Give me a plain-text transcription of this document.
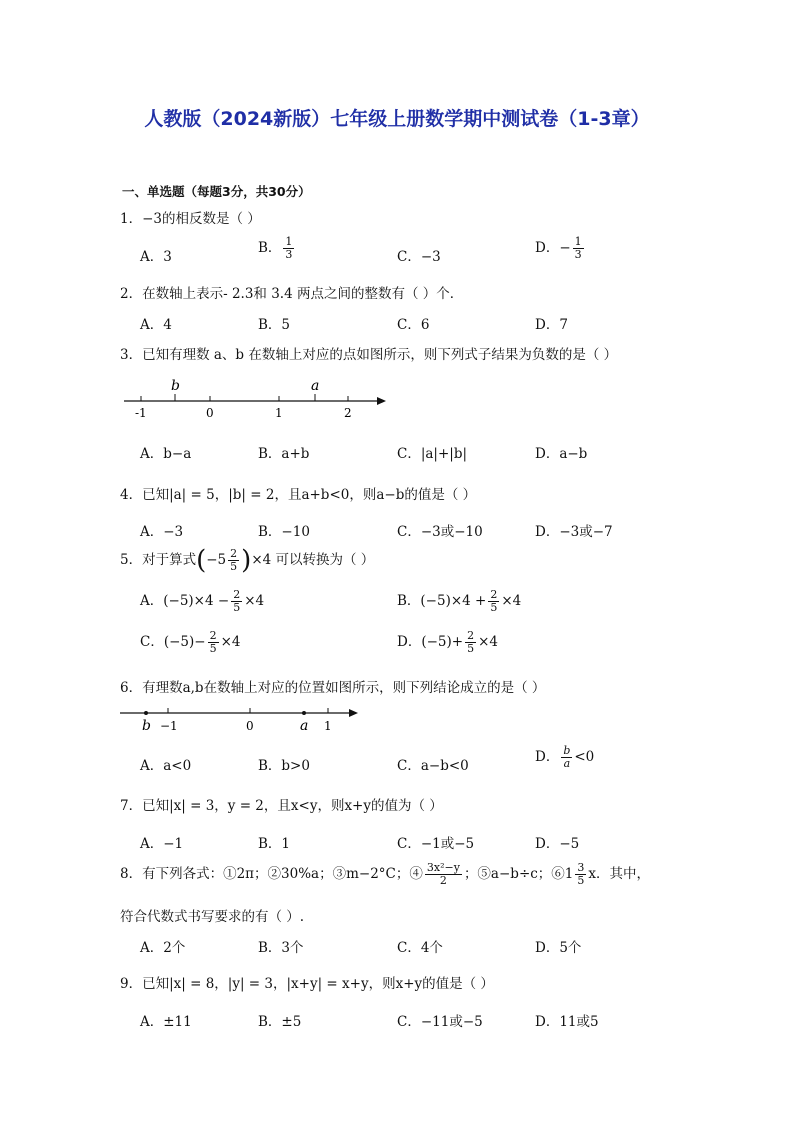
人教版（2024新版）七年级上册数学期中测试卷（1-3章）
一、单选题（每题3分，共30分）
1．−3的相反数是（ ）
A．3
B． $\frac{1}{3}$	C．−3
D．− $\frac{1}{3}$
2．在数轴上表示- 2.3和 3.4 两点之间的整数有（ ）个．
A．4	B．5	C．6	D．7
3．已知有理数 a、b 在数轴上对应的点如图所示，则下列式子结果为负数的是（ ）
b	a
-1	0	1	2
A．b−a	B．a+b	C．|a|+|b|	D．a−b
4．已知|a| = 5，|b| = 2，且a+b<0，则a−b的值是（ ）
A．−3	B．−10	C．−3或−10	D．−3或−7
5．对于算式$(-5 \frac{2}{5} )\times 4$ 可以转换为（ ）
A．$(-5)\times 4 - \frac{2}{5} \times 4$	B．$(-5)\times 4 + \frac{2}{5} \times 4$
C．$(-5)- \frac{2}{5} \times 4$	D．$(-5)+ \frac{2}{5} \times 4$
6．有理数a,b在数轴上对应的位置如图所示，则下列结论成立的是（ ）
b −1	0	a 1
A．a<0	B．b>0	C．a−b<0
D． $\frac{b}{a} <0$
7．已知|x| = 3，y = 2，且x<y，则x+y的值为（ ）
A．−1	B．1	C．−1或−5	D．−5
8．有下列各式：①2π；②30%a；③m−2°C；④ $\frac{\text{3x²−y}}{2}$ ；⑤a−b÷c；⑥1 $\frac{3}{5}$ x．其中，
符合代数式书写要求的有（ ）.
A．2个	B．3个	C．4个	D．5个
9．已知|x| = 8，|y| = 3，|x+y| = x+y，则x+y的值是（ ）
A．±11	B．±5	C．−11或−5	D．11或5
